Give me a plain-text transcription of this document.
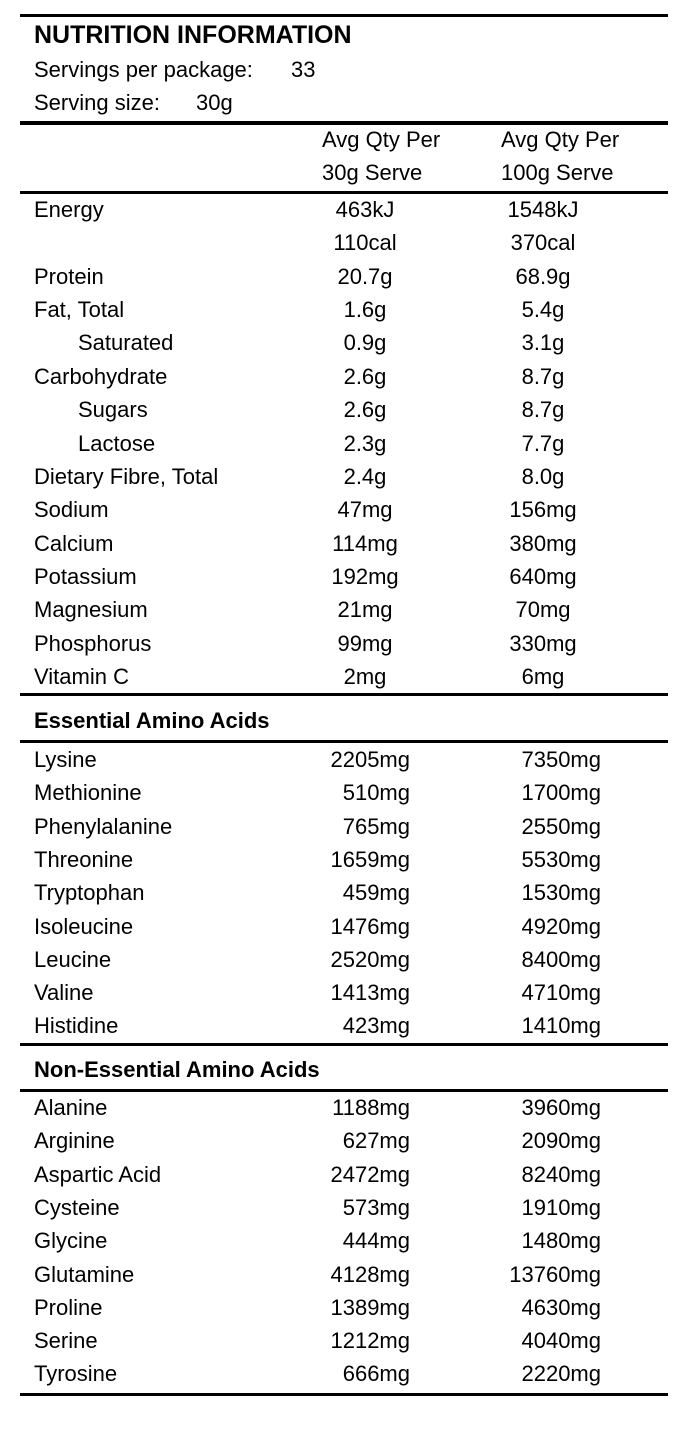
NUTRITION INFORMATION
Servings per package: 33
Serving size: 30g
Avg Qty Per
30g Serve
Avg Qty Per
100g Serve
Energy	463kJ	1548kJ
110cal	370cal
Protein	20.7g	68.9g
Fat, Total	1.6g	5.4g
Saturated	0.9g	3.1g
Carbohydrate	2.6g	8.7g
Sugars	2.6g	8.7g
Lactose	2.3g	7.7g
Dietary Fibre, Total	2.4g	8.0g
Sodium	47mg	156mg
Calcium	114mg	380mg
Potassium	192mg	640mg
Magnesium	21mg	70mg
Phosphorus	99mg	330mg
Vitamin C	2mg	6mg
Essential Amino Acids
Lysine	2205mg	7350mg
Methionine	510mg	1700mg
Phenylalanine	765mg	2550mg
Threonine	1659mg	5530mg
Tryptophan	459mg	1530mg
Isoleucine	1476mg	4920mg
Leucine	2520mg	8400mg
Valine	1413mg	4710mg
Histidine	423mg	1410mg
Non-Essential Amino Acids
Alanine	1188mg	3960mg
Arginine	627mg	2090mg
Aspartic Acid	2472mg	8240mg
Cysteine	573mg	1910mg
Glycine	444mg	1480mg
Glutamine	4128mg	13760mg
Proline	1389mg	4630mg
Serine	1212mg	4040mg
Tyrosine	666mg	2220mg
